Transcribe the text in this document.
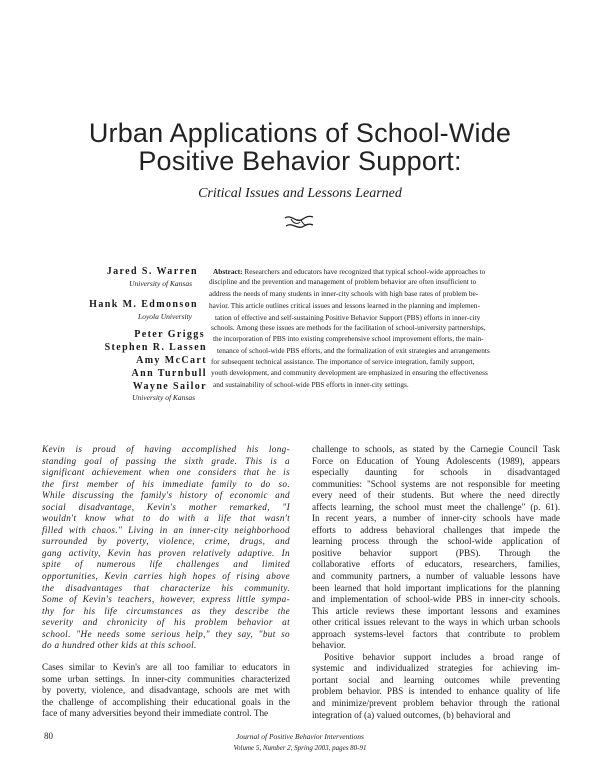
Urban Applications of School-Wide
Positive Behavior Support:
Critical Issues and Lessons Learned
Jared S. Warren
University of Kansas
Hank M. Edmonson
Loyola University
Peter Griggs
Stephen R. Lassen
Amy McCart
Ann Turnbull
Wayne Sailor
University of Kansas
Abstract: Researchers and educators have recognized that typical school-wide approaches to
discipline and the prevention and management of problem behavior are often insufficient to
address the needs of many students in inner-city schools with high base rates of problem be-
havior. This article outlines critical issues and lessons learned in the planning and implemen-
tation of effective and self-sustaining Positive Behavior Support (PBS) efforts in inner-city
schools. Among these issues are methods for the facilitation of school-university partnerships,
the incorporation of PBS into existing comprehensive school improvement efforts, the main-
tenance of school-wide PBS efforts, and the formalization of exit strategies and arrangements
for subsequent technical assistance. The importance of service integration, family support,
youth development, and community development are emphasized in ensuring the effectiveness
and sustainability of school-wide PBS efforts in inner-city settings.
Kevin is proud of having accomplished his long-
standing goal of passing the sixth grade. This is a
significant achievement when one considers that he is
the first member of his immediate family to do so.
While discussing the family's history of economic and
social disadvantage, Kevin's mother remarked, "I
wouldn't know what to do with a life that wasn't
filled with chaos." Living in an inner-city neighborhood
surrounded by poverty, violence, crime, drugs, and
gang activity, Kevin has proven relatively adaptive. In
spite of numerous life challenges and limited
opportunities, Kevin carries high hopes of rising above
the disadvantages that characterize his community.
Some of Kevin's teachers, however, express little sympa-
thy for his life circumstances as they describe the
severity and chronicity of his problem behavior at
school. "He needs some serious help," they say, "but so
do a hundred other kids at this school.
Cases similar to Kevin's are all too familiar to educators in
some urban settings. In inner-city communities characterized
by poverty, violence, and disadvantage, schools are met with
the challenge of accomplishing their educational goals in the
face of many adversities beyond their immediate control. The
challenge to schools, as stated by the Carnegie Council Task
Force on Education of Young Adolescents (1989), appears
especially daunting for schools in disadvantaged
communities: "School systems are not responsible for meeting
every need of their students. But where the need directly
affects learning, the school must meet the challenge" (p. 61).
In recent years, a number of inner-city schools have made
efforts to address behavioral challenges that impede the
learning process through the school-wide application of
positive behavior support (PBS). Through the
collaborative efforts of educators, researchers, families,
and community partners, a number of valuable lessons have
been learned that hold important implications for the planning
and implementation of school-wide PBS in inner-city schools.
This article reviews these important lessons and examines
other critical issues relevant to the ways in which urban schools
approach systems-level factors that contribute to problem
behavior.
Positive behavior support includes a broad range of
systemic and individualized strategies for achieving im-
portant social and learning outcomes while preventing
problem behavior. PBS is intended to enhance quality of life
and minimize/prevent problem behavior through the rational
integration of (a) valued outcomes, (b) behavioral and
80	Journal of Positive Behavior Interventions
Volume 5, Number 2, Spring 2003, pages 80-91
